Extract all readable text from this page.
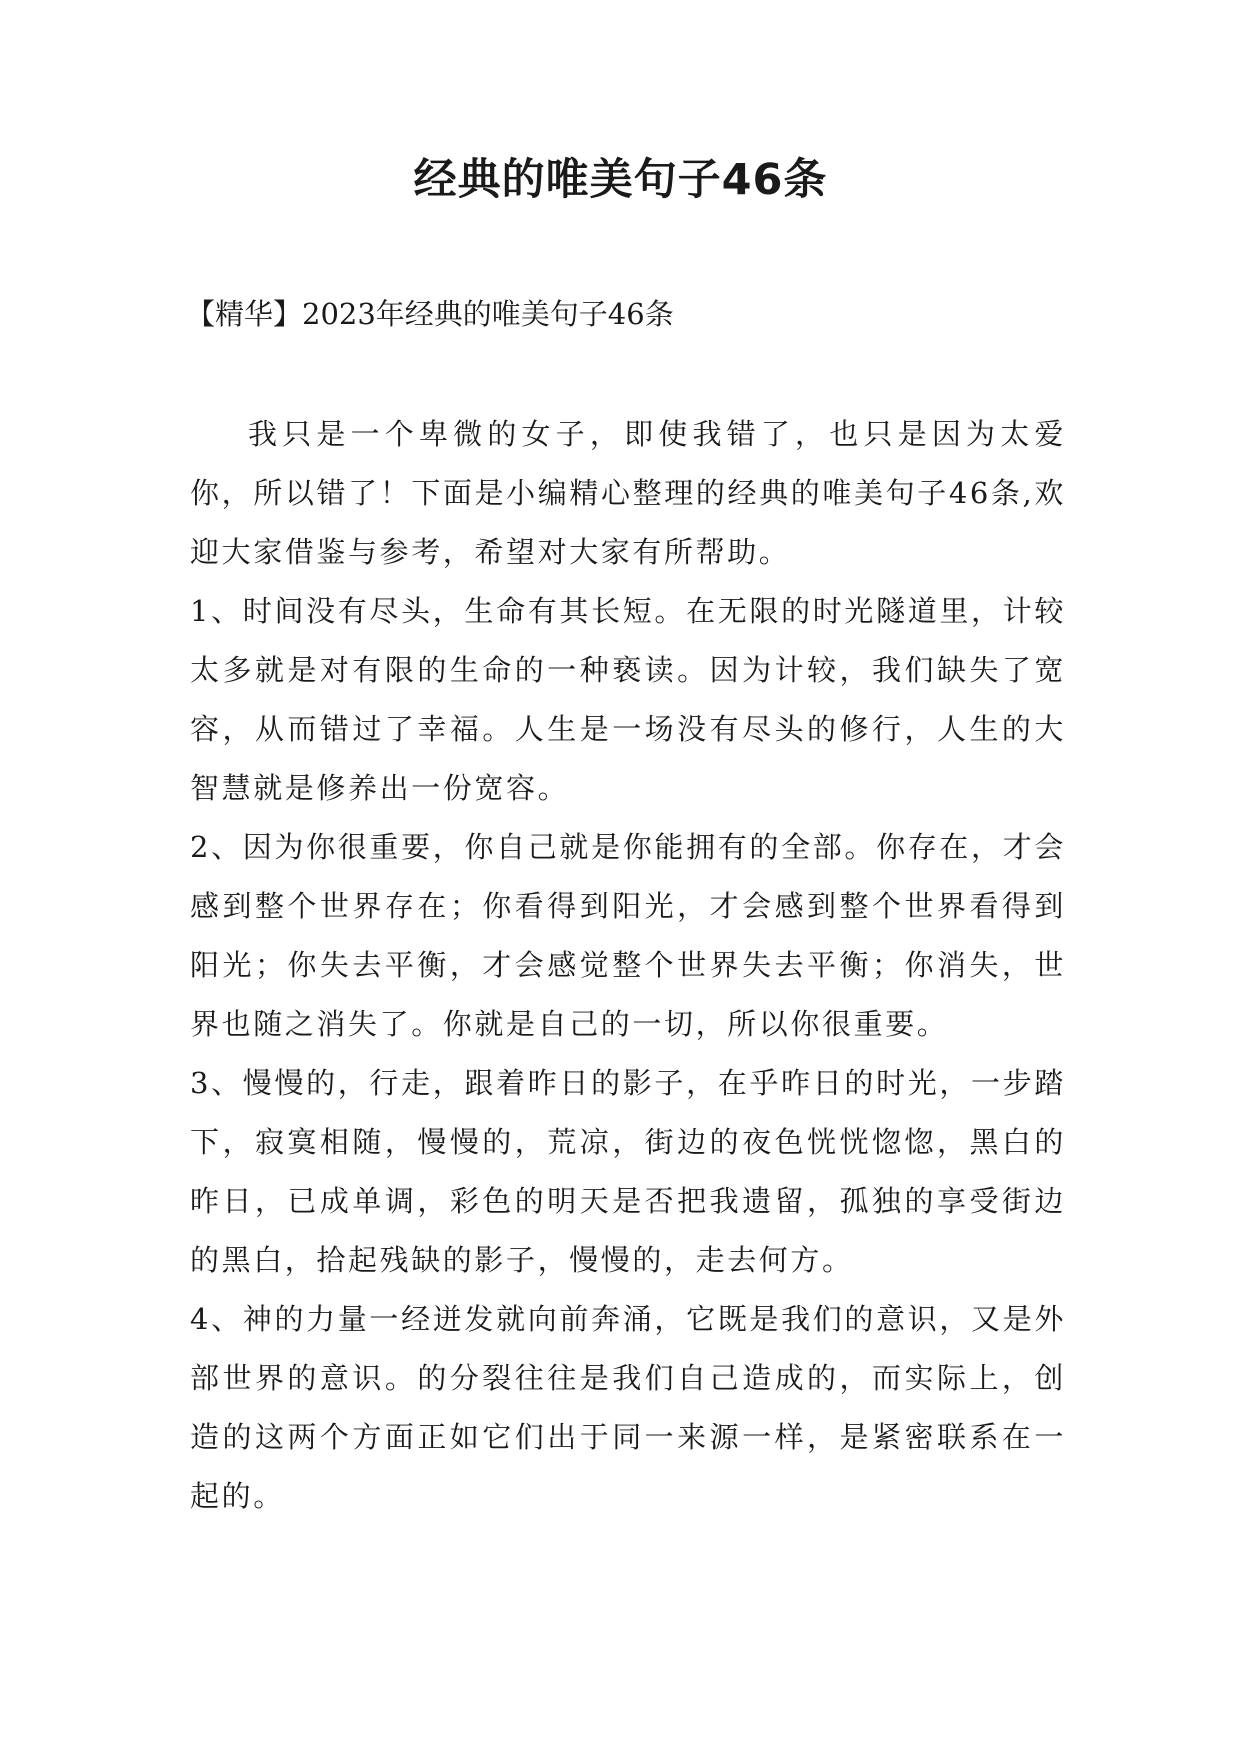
经典的唯美句子46条

【精华】2023年经典的唯美句子46条

我只是一个卑微的女子，即使我错了，也只是因为太爱你，所以错了！下面是小编精心整理的经典的唯美句子46条,欢迎大家借鉴与参考，希望对大家有所帮助。

1、时间没有尽头，生命有其长短。在无限的时光隧道里，计较太多就是对有限的生命的一种亵读。因为计较，我们缺失了宽容，从而错过了幸福。人生是一场没有尽头的修行，人生的大智慧就是修养出一份宽容。

2、因为你很重要，你自己就是你能拥有的全部。你存在，才会感到整个世界存在；你看得到阳光，才会感到整个世界看得到阳光；你失去平衡，才会感觉整个世界失去平衡；你消失，世界也随之消失了。你就是自己的一切，所以你很重要。

3、慢慢的，行走，跟着昨日的影子，在乎昨日的时光，一步踏下，寂寞相随，慢慢的，荒凉，街边的夜色恍恍惚惚，黑白的昨日，已成单调，彩色的明天是否把我遗留，孤独的享受街边的黑白，拾起残缺的影子，慢慢的，走去何方。

4、神的力量一经迸发就向前奔涌，它既是我们的意识，又是外部世界的意识。的分裂往往是我们自己造成的，而实际上，创造的这两个方面正如它们出于同一来源一样，是紧密联系在一起的。
